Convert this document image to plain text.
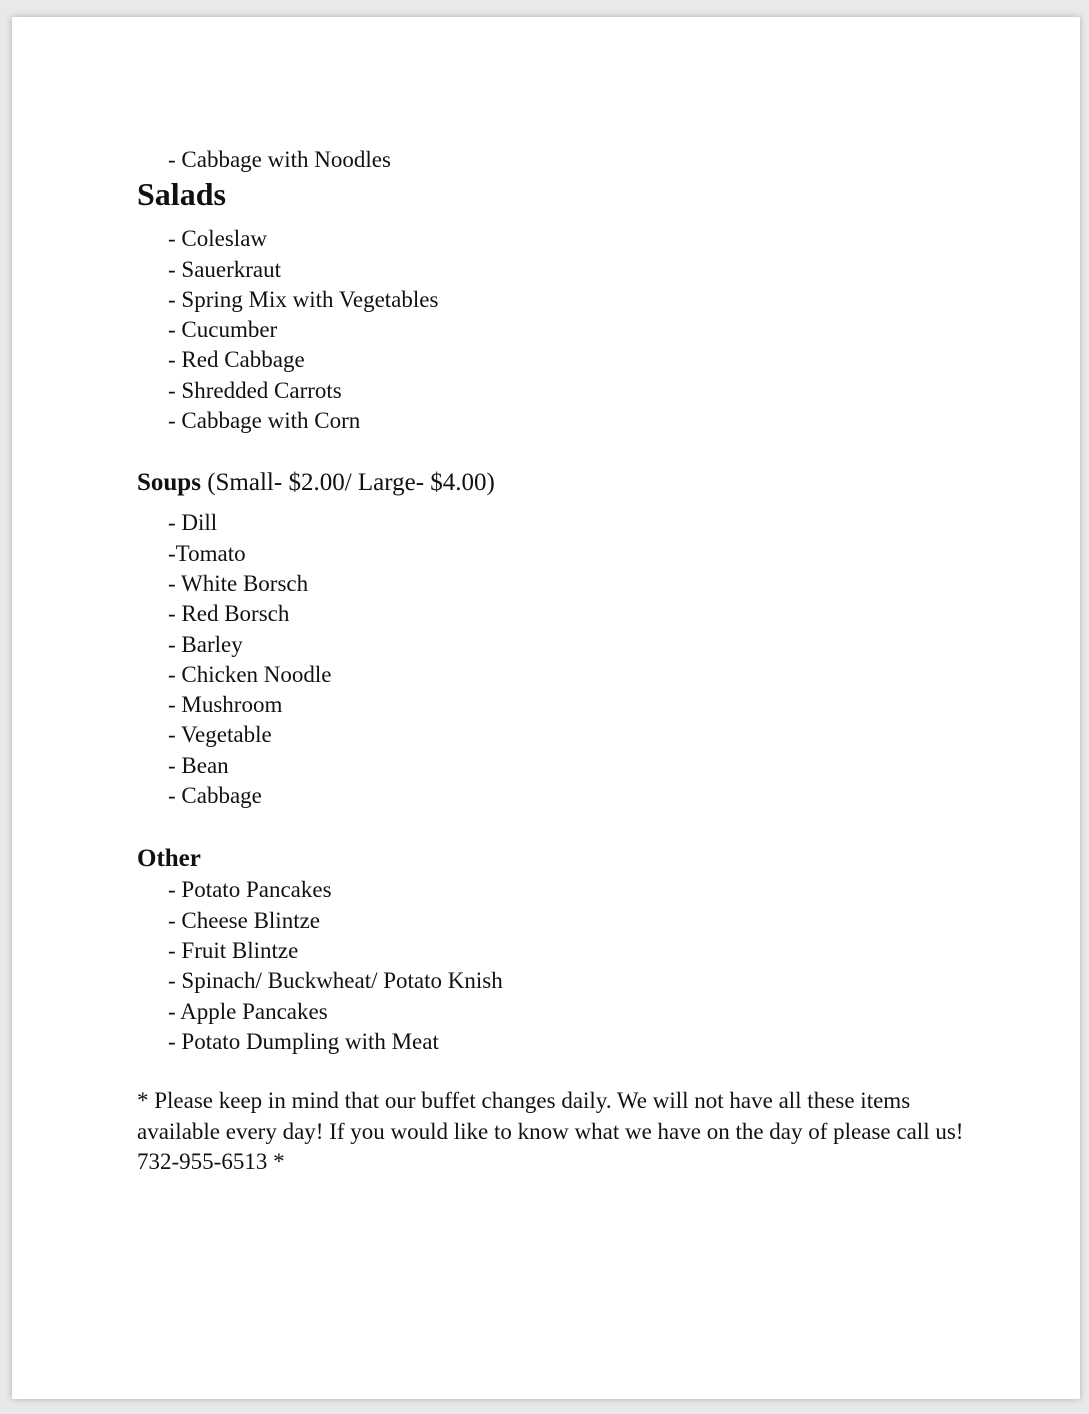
- Cabbage with Noodles
Salads
- Coleslaw
- Sauerkraut
- Spring Mix with Vegetables
- Cucumber
- Red Cabbage
- Shredded Carrots
- Cabbage with Corn
Soups (Small- $2.00/ Large- $4.00)
- Dill
-Tomato
- White Borsch
- Red Borsch
- Barley
- Chicken Noodle
- Mushroom
- Vegetable
- Bean
- Cabbage
Other
- Potato Pancakes
- Cheese Blintze
- Fruit Blintze
- Spinach/ Buckwheat/ Potato Knish
- Apple Pancakes
- Potato Dumpling with Meat
* Please keep in mind that our buffet changes daily. We will not have all these items available every day! If you would like to know what we have on the day of please call us! 732-955-6513 *
